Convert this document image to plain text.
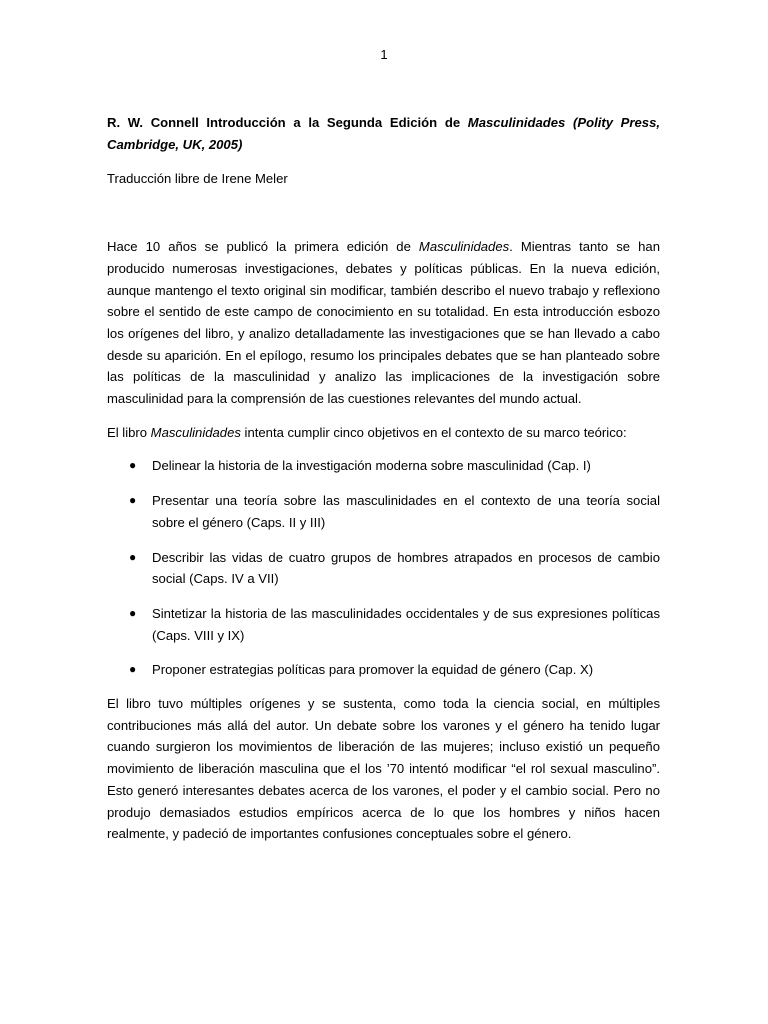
1

R. W. Connell Introducción a la Segunda Edición de Masculinidades (Polity Press, Cambridge, UK, 2005)

Traducción libre de Irene Meler

Hace 10 años se publicó la primera edición de Masculinidades. Mientras tanto se han producido numerosas investigaciones, debates y políticas públicas. En la nueva edición, aunque mantengo el texto original sin modificar, también describo el nuevo trabajo y reflexiono sobre el sentido de este campo de conocimiento en su totalidad. En esta introducción esbozo los orígenes del libro, y analizo detalladamente las investigaciones que se han llevado a cabo desde su aparición. En el epílogo, resumo los principales debates que se han planteado sobre las políticas de la masculinidad y analizo las implicaciones de la investigación sobre masculinidad para la comprensión de las cuestiones relevantes del mundo actual.

El libro Masculinidades intenta cumplir cinco objetivos en el contexto de su marco teórico:

● Delinear la historia de la investigación moderna sobre masculinidad (Cap. I)
● Presentar una teoría sobre las masculinidades en el contexto de una teoría social sobre el género (Caps. II y III)
● Describir las vidas de cuatro grupos de hombres atrapados en procesos de cambio social (Caps. IV a VII)
● Sintetizar la historia de las masculinidades occidentales y de sus expresiones políticas (Caps. VIII y IX)
● Proponer estrategias políticas para promover la equidad de género (Cap. X)

El libro tuvo múltiples orígenes y se sustenta, como toda la ciencia social, en múltiples contribuciones más allá del autor. Un debate sobre los varones y el género ha tenido lugar cuando surgieron los movimientos de liberación de las mujeres; incluso existió un pequeño movimiento de liberación masculina que el los ’70 intentó modificar “el rol sexual masculino”. Esto generó interesantes debates acerca de los varones, el poder y el cambio social. Pero no produjo demasiados estudios empíricos acerca de lo que los hombres y niños hacen realmente, y padeció de importantes confusiones conceptuales sobre el género.
